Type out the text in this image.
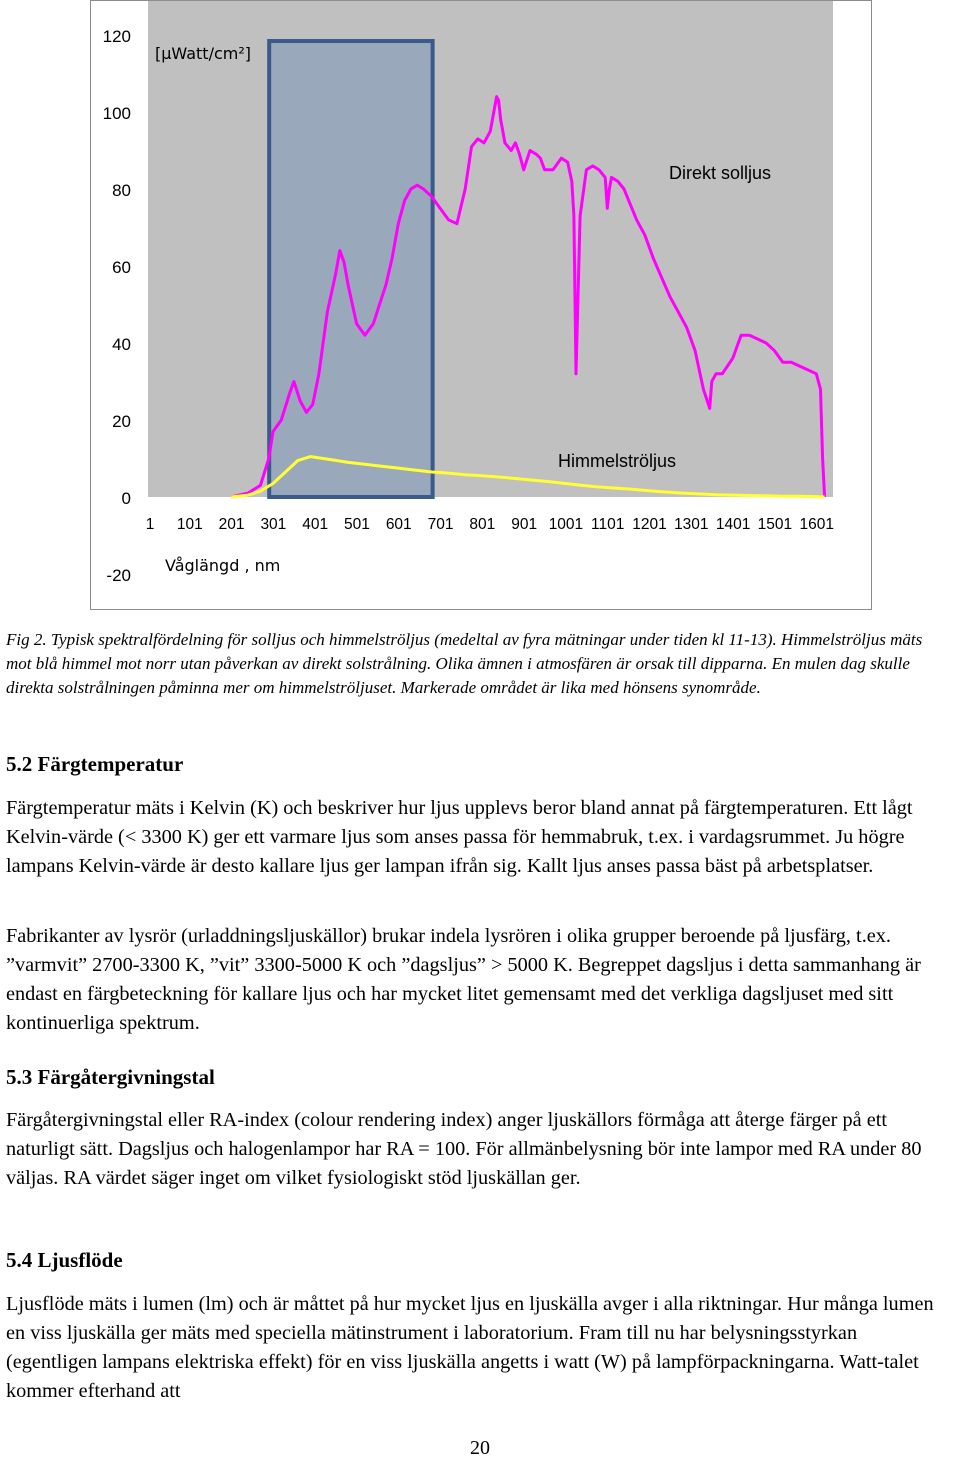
120
100
80
60
40
20
0
-20
1 101 201 301 401 501 601 701 801 901 1001 1101 1201 1301 1401 1501 1601
[µWatt/cm²]
Våglängd , nm
Direkt solljus
Himmelströljus
Fig 2. Typisk spektralfördelning för solljus och himmelströljus (medeltal av fyra mätningar under tiden kl 11-13). Himmelströljus mäts mot blå himmel mot norr utan påverkan av direkt solstrålning. Olika ämnen i atmosfären är orsak till dipparna. En mulen dag skulle direkta solstrålningen påminna mer om himmelströljuset. Markerade området är lika med hönsens synområde.
5.2 Färgtemperatur

Färgtemperatur mäts i Kelvin (K) och beskriver hur ljus upplevs beror bland annat på färgtemperaturen. Ett lågt Kelvin-värde (< 3300 K) ger ett varmare ljus som anses passa för hemmabruk, t.ex. i vardagsrummet. Ju högre lampans Kelvin-värde är desto kallare ljus ger lampan ifrån sig. Kallt ljus anses passa bäst på arbetsplatser.

Fabrikanter av lysrör (urladdningsljuskällor) brukar indela lysrören i olika grupper beroende på ljusfärg, t.ex. ”varmvit” 2700-3300 K, ”vit” 3300-5000 K och ”dagsljus” > 5000 K. Begreppet dagsljus i detta sammanhang är endast en färgbeteckning för kallare ljus och har mycket litet gemensamt med det verkliga dagsljuset med sitt kontinuerliga spektrum.

5.3 Färgåtergivningstal

Färgåtergivningstal eller RA-index (colour rendering index) anger ljuskällors förmåga att återge färger på ett naturligt sätt. Dagsljus och halogenlampor har RA = 100. För allmänbelysning bör inte lampor med RA under 80 väljas. RA värdet säger inget om vilket fysiologiskt stöd ljuskällan ger.

5.4 Ljusflöde

Ljusflöde mäts i lumen (lm) och är måttet på hur mycket ljus en ljuskälla avger i alla riktningar. Hur många lumen en viss ljuskälla ger mäts med speciella mätinstrument i laboratorium. Fram till nu har belysningsstyrkan (egentligen lampans elektriska effekt) för en viss ljuskälla angetts i watt (W) på lampförpackningarna. Watt-talet kommer efterhand att

20
